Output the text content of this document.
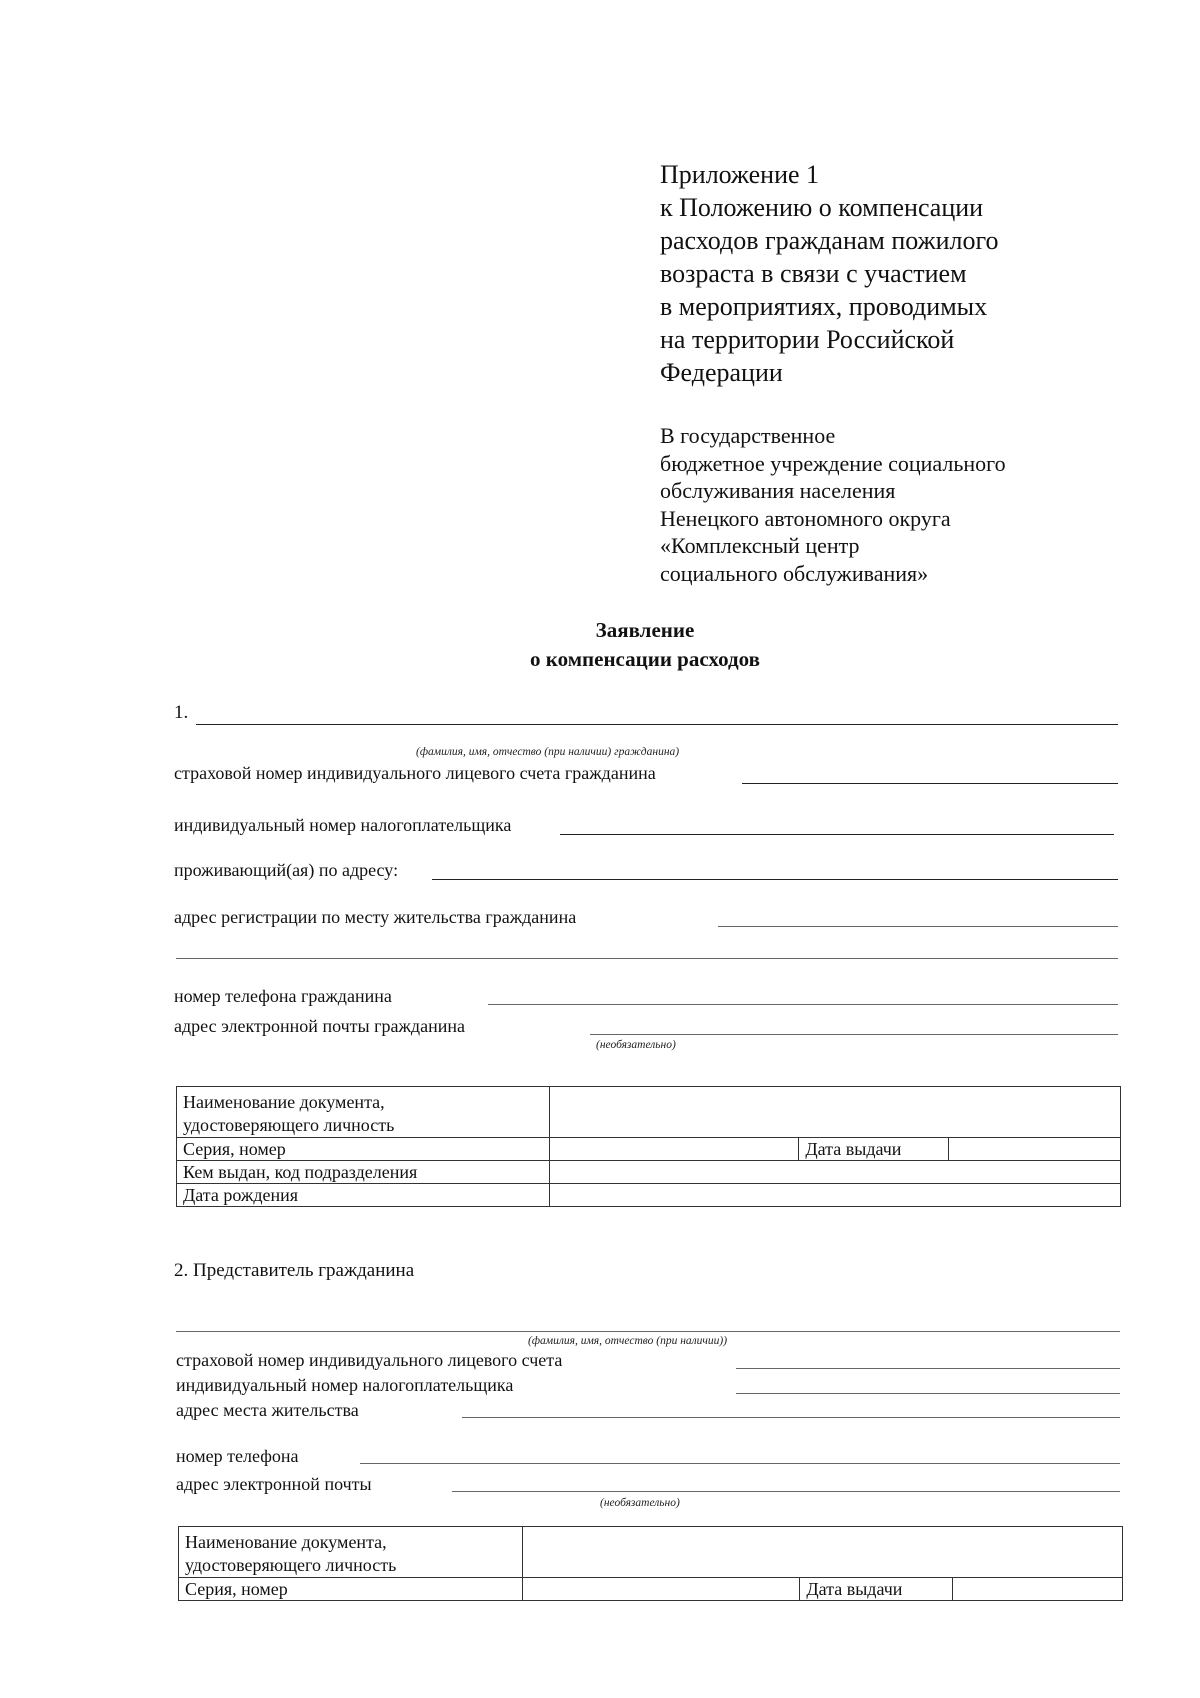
Приложение 1
к Положению о компенсации
расходов гражданам пожилого
возраста в связи с участием
в мероприятиях, проводимых
на территории Российской
Федерации
В государственное
бюджетное учреждение социального
обслуживания населения
Ненецкого автономного округа
«Комплексный центр
социального обслуживания»
Заявление
о компенсации расходов
1.
(фамилия, имя, отчество (при наличии) гражданина)
страховой номер индивидуального лицевого счета гражданина
индивидуальный номер налогоплательщика
проживающий(ая) по адресу:
адрес регистрации по месту жительства гражданина
номер телефона гражданина
адрес электронной почты гражданина
(необязательно)
Наименование документа,
удостоверяющего личность			

Серия, номер		Дата выдачи	
Кем выдан, код подразделения			
Дата рождения			
2. Представитель гражданина
(фамилия, имя, отчество (при наличии))
страховой номер индивидуального лицевого счета
индивидуальный номер налогоплательщика
адрес места жительства
номер телефона
адрес электронной почты
(необязательно)
Наименование документа,
удостоверяющего личность			

Серия, номер		Дата выдачи	
